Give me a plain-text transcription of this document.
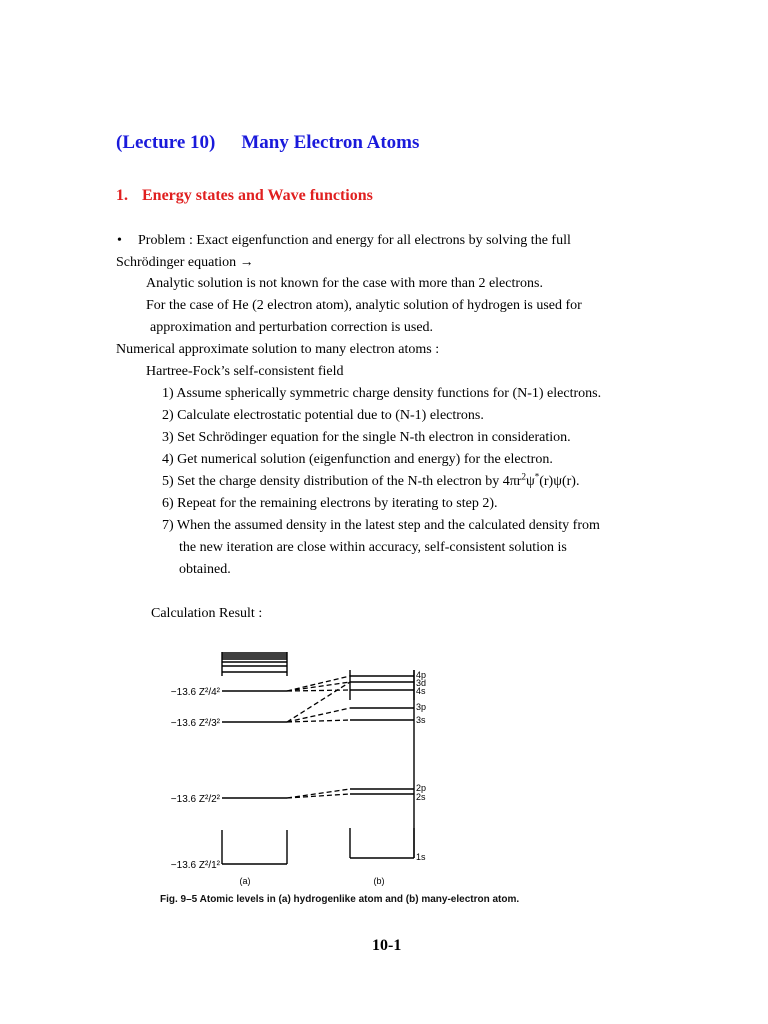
(Lecture 10) Many Electron Atoms
1. Energy states and Wave functions
• Problem : Exact eigenfunction and energy for all electrons by solving the full
Schrödinger equation →
Analytic solution is not known for the case with more than 2 electrons.
For the case of He (2 electron atom), analytic solution of hydrogen is used for
approximation and perturbation correction is used.
Numerical approximate solution to many electron atoms :
Hartree-Fock’s self-consistent field
1) Assume spherically symmetric charge density functions for (N-1) electrons.
2) Calculate electrostatic potential due to (N-1) electrons.
3) Set Schrödinger equation for the single N-th electron in consideration.
4) Get numerical solution (eigenfunction and energy) for the electron.
5) Set the charge density distribution of the N-th electron by $4\pi r^2\psi^*(r)\psi(r)$.
6) Repeat for the remaining electrons by iterating to step 2).
7) When the assumed density in the latest step and the calculated density from
the new iteration are close within accuracy, self-consistent solution is
obtained.
Calculation Result :
−13.6 Z²/4²
−13.6 Z²/3²
−13.6 Z²/2²
−13.6 Z²/1²
4p
3d
4s
3p
3s
2p
2s
1s
(a)	(b)
Fig. 9–5 Atomic levels in (a) hydrogenlike atom and (b) many-electron atom.
10-1
